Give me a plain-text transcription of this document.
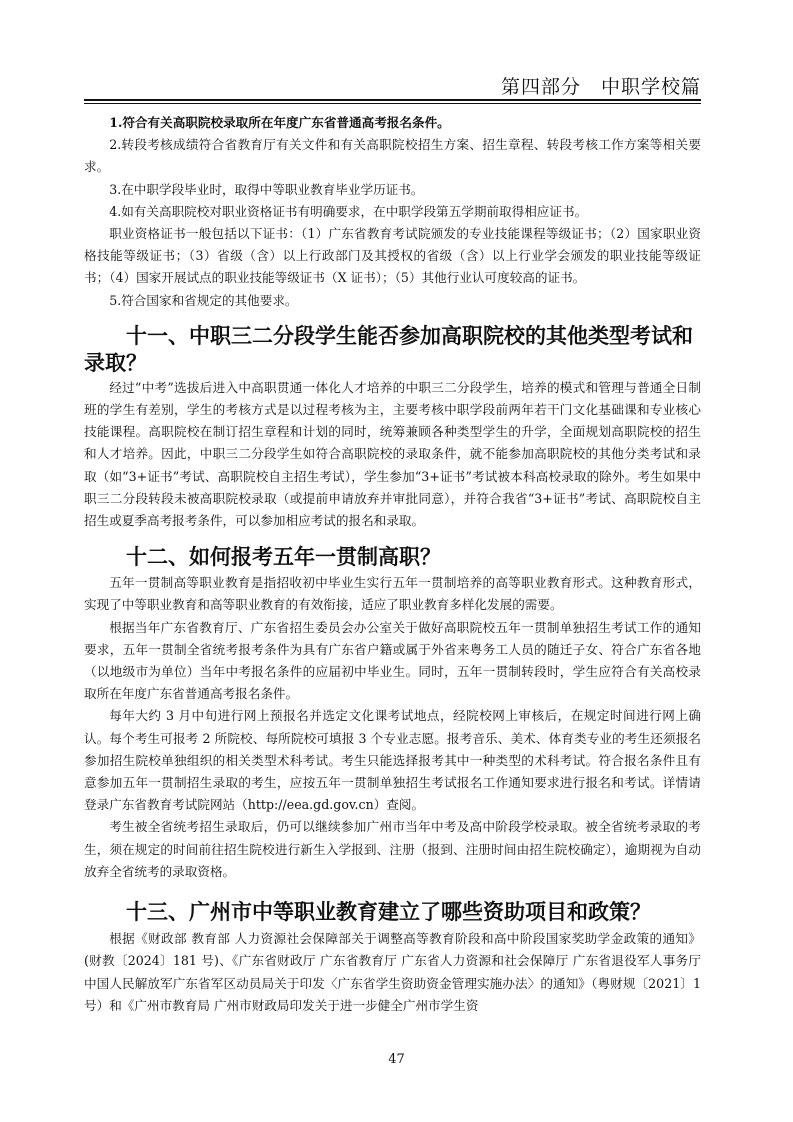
第四部分　中职学校篇

1.符合有关高职院校录取所在年度广东省普通高考报名条件。

2.转段考核成绩符合省教育厅有关文件和有关高职院校招生方案、招生章程、转段考核工作方案等相关要求。

3.在中职学段毕业时，取得中等职业教育毕业学历证书。

4.如有关高职院校对职业资格证书有明确要求，在中职学段第五学期前取得相应证书。

职业资格证书一般包括以下证书：（1）广东省教育考试院颁发的专业技能课程等级证书；（2）国家职业资格技能等级证书；（3）省级（含）以上行政部门及其授权的省级（含）以上行业学会颁发的职业技能等级证书；（4）国家开展试点的职业技能等级证书（X 证书）；（5）其他行业认可度较高的证书。

5.符合国家和省规定的其他要求。

十一、中职三二分段学生能否参加高职院校的其他类型考试和录取？

经过“中考”选拔后进入中高职贯通一体化人才培养的中职三二分段学生，培养的模式和管理与普通全日制班的学生有差别，学生的考核方式是以过程考核为主，主要考核中职学段前两年若干门文化基础课和专业核心技能课程。高职院校在制订招生章程和计划的同时，统筹兼顾各种类型学生的升学，全面规划高职院校的招生和人才培养。因此，中职三二分段学生如符合高职院校的录取条件，就不能参加高职院校的其他分类考试和录取（如“3+证书”考试、高职院校自主招生考试），学生参加“3+证书”考试被本科高校录取的除外。考生如果中职三二分段转段未被高职院校录取（或提前申请放弃并审批同意），并符合我省“3+证书”考试、高职院校自主招生或夏季高考报考条件，可以参加相应考试的报名和录取。

十二、如何报考五年一贯制高职？

五年一贯制高等职业教育是指招收初中毕业生实行五年一贯制培养的高等职业教育形式。这种教育形式，实现了中等职业教育和高等职业教育的有效衔接，适应了职业教育多样化发展的需要。

根据当年广东省教育厅、广东省招生委员会办公室关于做好高职院校五年一贯制单独招生考试工作的通知要求，五年一贯制全省统考报考条件为具有广东省户籍或属于外省来粤务工人员的随迁子女、符合广东省各地（以地级市为单位）当年中考报名条件的应届初中毕业生。同时，五年一贯制转段时，学生应符合有关高校录取所在年度广东省普通高考报名条件。

每年大约 3 月中旬进行网上预报名并选定文化课考试地点，经院校网上审核后，在规定时间进行网上确认。每个考生可报考 2 所院校、每所院校可填报 3 个专业志愿。报考音乐、美术、体育类专业的考生还须报名参加招生院校单独组织的相关类型术科考试。考生只能选择报考其中一种类型的术科考试。符合报名条件且有意参加五年一贯制招生录取的考生，应按五年一贯制单独招生考试报名工作通知要求进行报名和考试。详情请登录广东省教育考试院网站（http://eea.gd.gov.cn）查阅。

考生被全省统考招生录取后，仍可以继续参加广州市当年中考及高中阶段学校录取。被全省统考录取的考生，须在规定的时间前往招生院校进行新生入学报到、注册（报到、注册时间由招生院校确定），逾期视为自动放弃全省统考的录取资格。

十三、广州市中等职业教育建立了哪些资助项目和政策？

根据《财政部 教育部 人力资源社会保障部关于调整高等教育阶段和高中阶段国家奖助学金政策的通知》(财教〔2024〕181 号)、《广东省财政厅 广东省教育厅 广东省人力资源和社会保障厅 广东省退役军人事务厅 中国人民解放军广东省军区动员局关于印发〈广东省学生资助资金管理实施办法〉的通知》（粤财规〔2021〕1 号）和《广州市教育局 广州市财政局印发关于进一步健全广州市学生资

47
